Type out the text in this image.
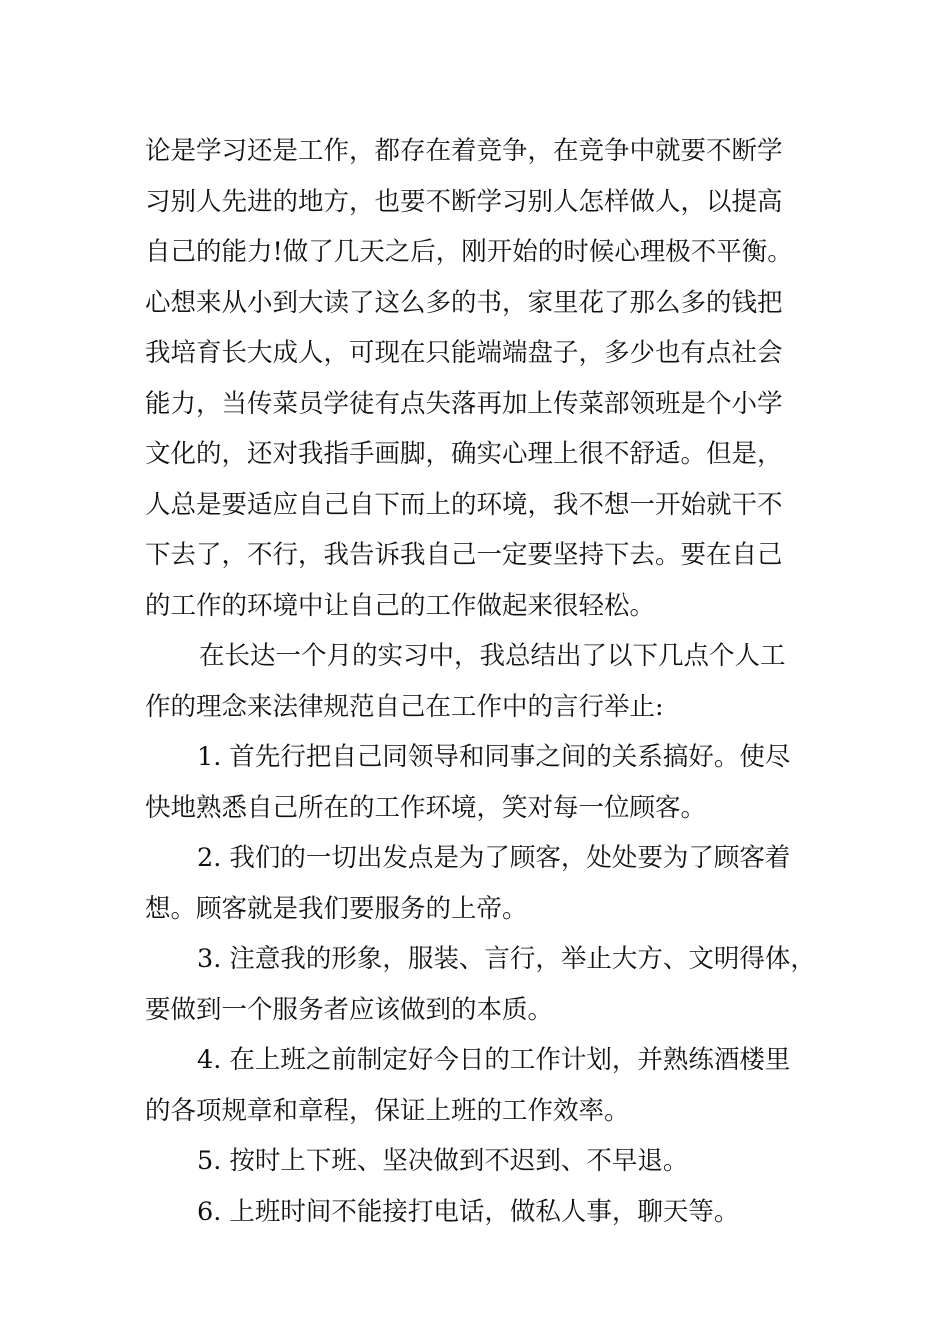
论是学习还是工作，都存在着竞争，在竞争中就要不断学
习别人先进的地方，也要不断学习别人怎样做人，以提高
自己的能力!做了几天之后，刚开始的时候心理极不平衡。
心想来从小到大读了这么多的书，家里花了那么多的钱把
我培育长大成人，可现在只能端端盘子，多少也有点社会
能力，当传菜员学徒有点失落再加上传菜部领班是个小学
文化的，还对我指手画脚，确实心理上很不舒适。但是，
人总是要适应自己自下而上的环境，我不想一开始就干不
下去了，不行，我告诉我自己一定要坚持下去。要在自己
的工作的环境中让自己的工作做起来很轻松。
在长达一个月的实习中，我总结出了以下几点个人工
作的理念来法律规范自己在工作中的言行举止:
1. 首先行把自己同领导和同事之间的关系搞好。使尽
快地熟悉自己所在的工作环境，笑对每一位顾客。
2. 我们的一切出发点是为了顾客，处处要为了顾客着
想。顾客就是我们要服务的上帝。
3. 注意我的形象，服装、言行，举止大方、文明得体，
要做到一个服务者应该做到的本质。
4. 在上班之前制定好今日的工作计划，并熟练酒楼里
的各项规章和章程，保证上班的工作效率。
5. 按时上下班、坚决做到不迟到、不早退。
6. 上班时间不能接打电话，做私人事，聊天等。
